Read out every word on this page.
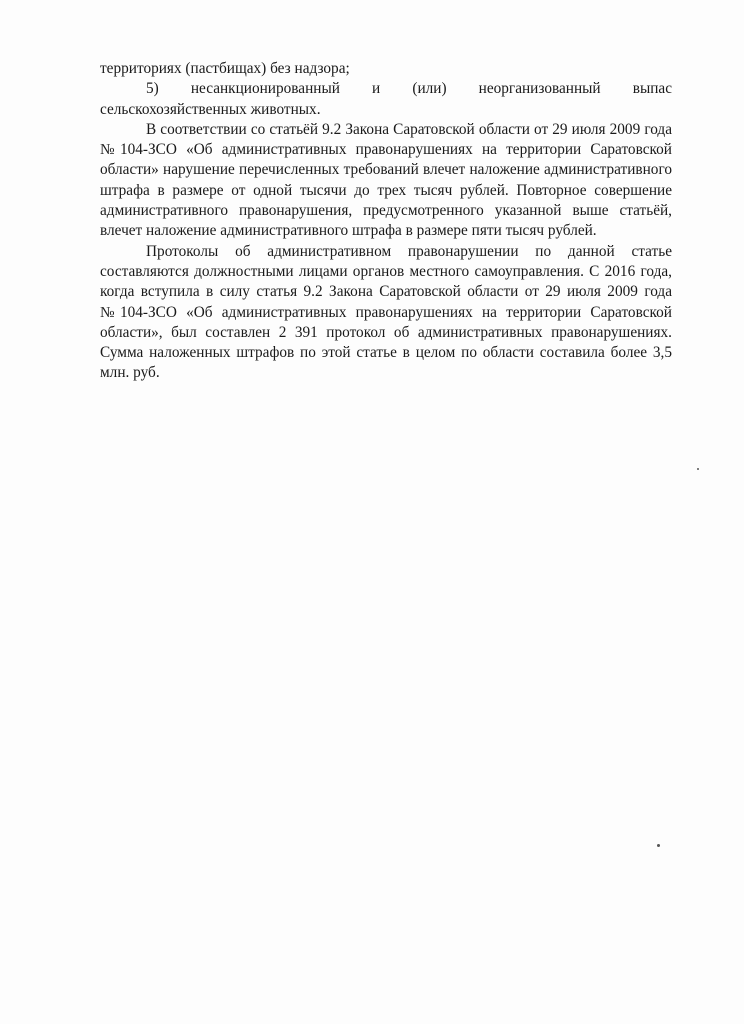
территориях (пастбищах) без надзора;

5) несанкционированный и (или) неорганизованный выпас сельскохозяйственных животных.

В соответствии со статьёй 9.2 Закона Саратовской области от 29 июля 2009 года №104-ЗСО «Об административных правонарушениях на территории Саратовской области» нарушение перечисленных требований влечет наложение административного штрафа в размере от одной тысячи до трех тысяч рублей. Повторное совершение административного правонарушения, предусмотренного указанной выше статьёй, влечет наложение административного штрафа в размере пяти тысяч рублей.

Протоколы об административном правонарушении по данной статье составляются должностными лицами органов местного самоуправления. С 2016 года, когда вступила в силу статья 9.2 Закона Саратовской области от 29 июля 2009 года №104-ЗСО «Об административных правонарушениях на территории Саратовской области», был составлен 2 391 протокол об административных правонарушениях. Сумма наложенных штрафов по этой статье в целом по области составила более 3,5 млн. руб.
